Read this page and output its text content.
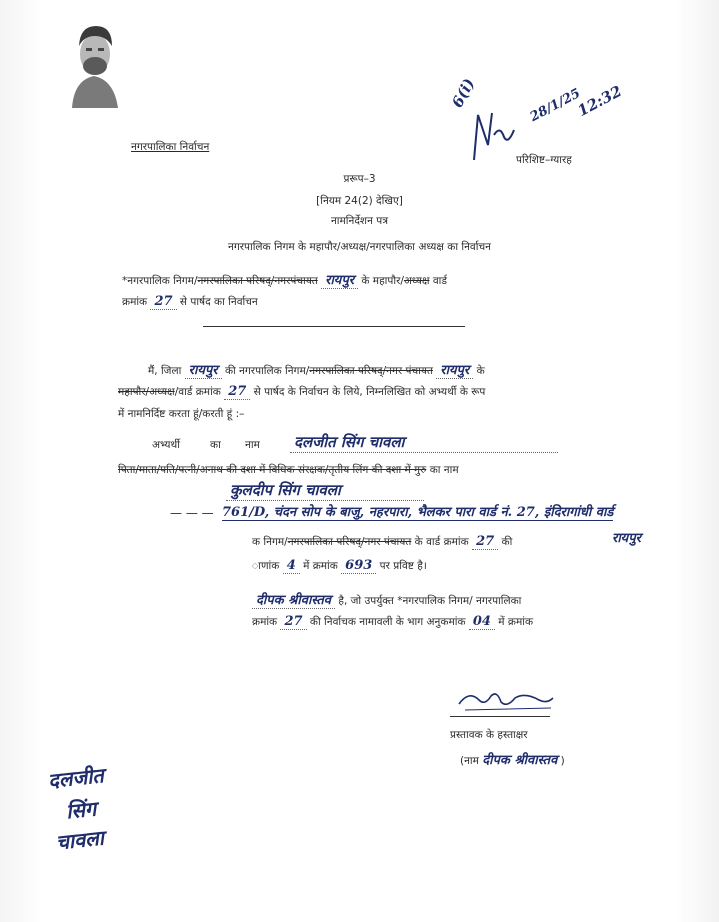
6(i)	28/1/25
12:32
परिशिष्ट–ग्यारह
नगरपालिका निर्वाचन
प्ररूप–3
[नियम 24(2) देखिए]
नामनिर्देशन पत्र
नगरपालिक निगम के महापौर/अध्यक्ष/नगरपालिका अध्यक्ष का निर्वाचन
*नगरपालिक निगम/नगरपालिका परिषद्/नगरपंचायत रायपुर के महापौर/अध्यक्ष वार्ड
क्रमांक 27 से पार्षद का निर्वाचन
मैं, जिला रायपुर की नगरपालिक निगम/नगरपालिका परिषद्/नगर पंचायत रायपुर के
महापौर/अध्यक्ष/वार्ड क्रमांक 27 से पार्षद के निर्वाचन के लिये, निम्नलिखित को अभ्यर्थी के रूप
में नामनिर्दिष्ट करता हूं/करती हूं :–
अभ्यर्थी	का नाम दलजीत सिंग चावला
पिता/माता/पति/पत्नी/अनाथ की दशा में विधिक संरक्षक/तृतीय लिंग की दशा में गुरु का नाम
कुलदीप सिंग चावला
— — — 761/D, चंदन सोप के बाजु, नहरपारा, भैलकर पारा वार्ड नं. 27, इंदिरागांधी वार्ड
रायपुर
क निगम/नगरपालिका परिषद्/नगर पंचायत के वार्ड क्रमांक 27 की
ाणांक 4 में क्रमांक 693 पर प्रविष्ट है।
दीपक श्रीवास्तव है, जो उपर्युक्त *नगरपालिक निगम/ नगरपालिका
क्रमांक 27 की निर्वाचक नामावली के भाग अनुकमांक 04 में क्रमांक
प्रस्तावक के हस्ताक्षर
(नाम दीपक श्रीवास्तव )
दलजीत
सिंग
चावला
